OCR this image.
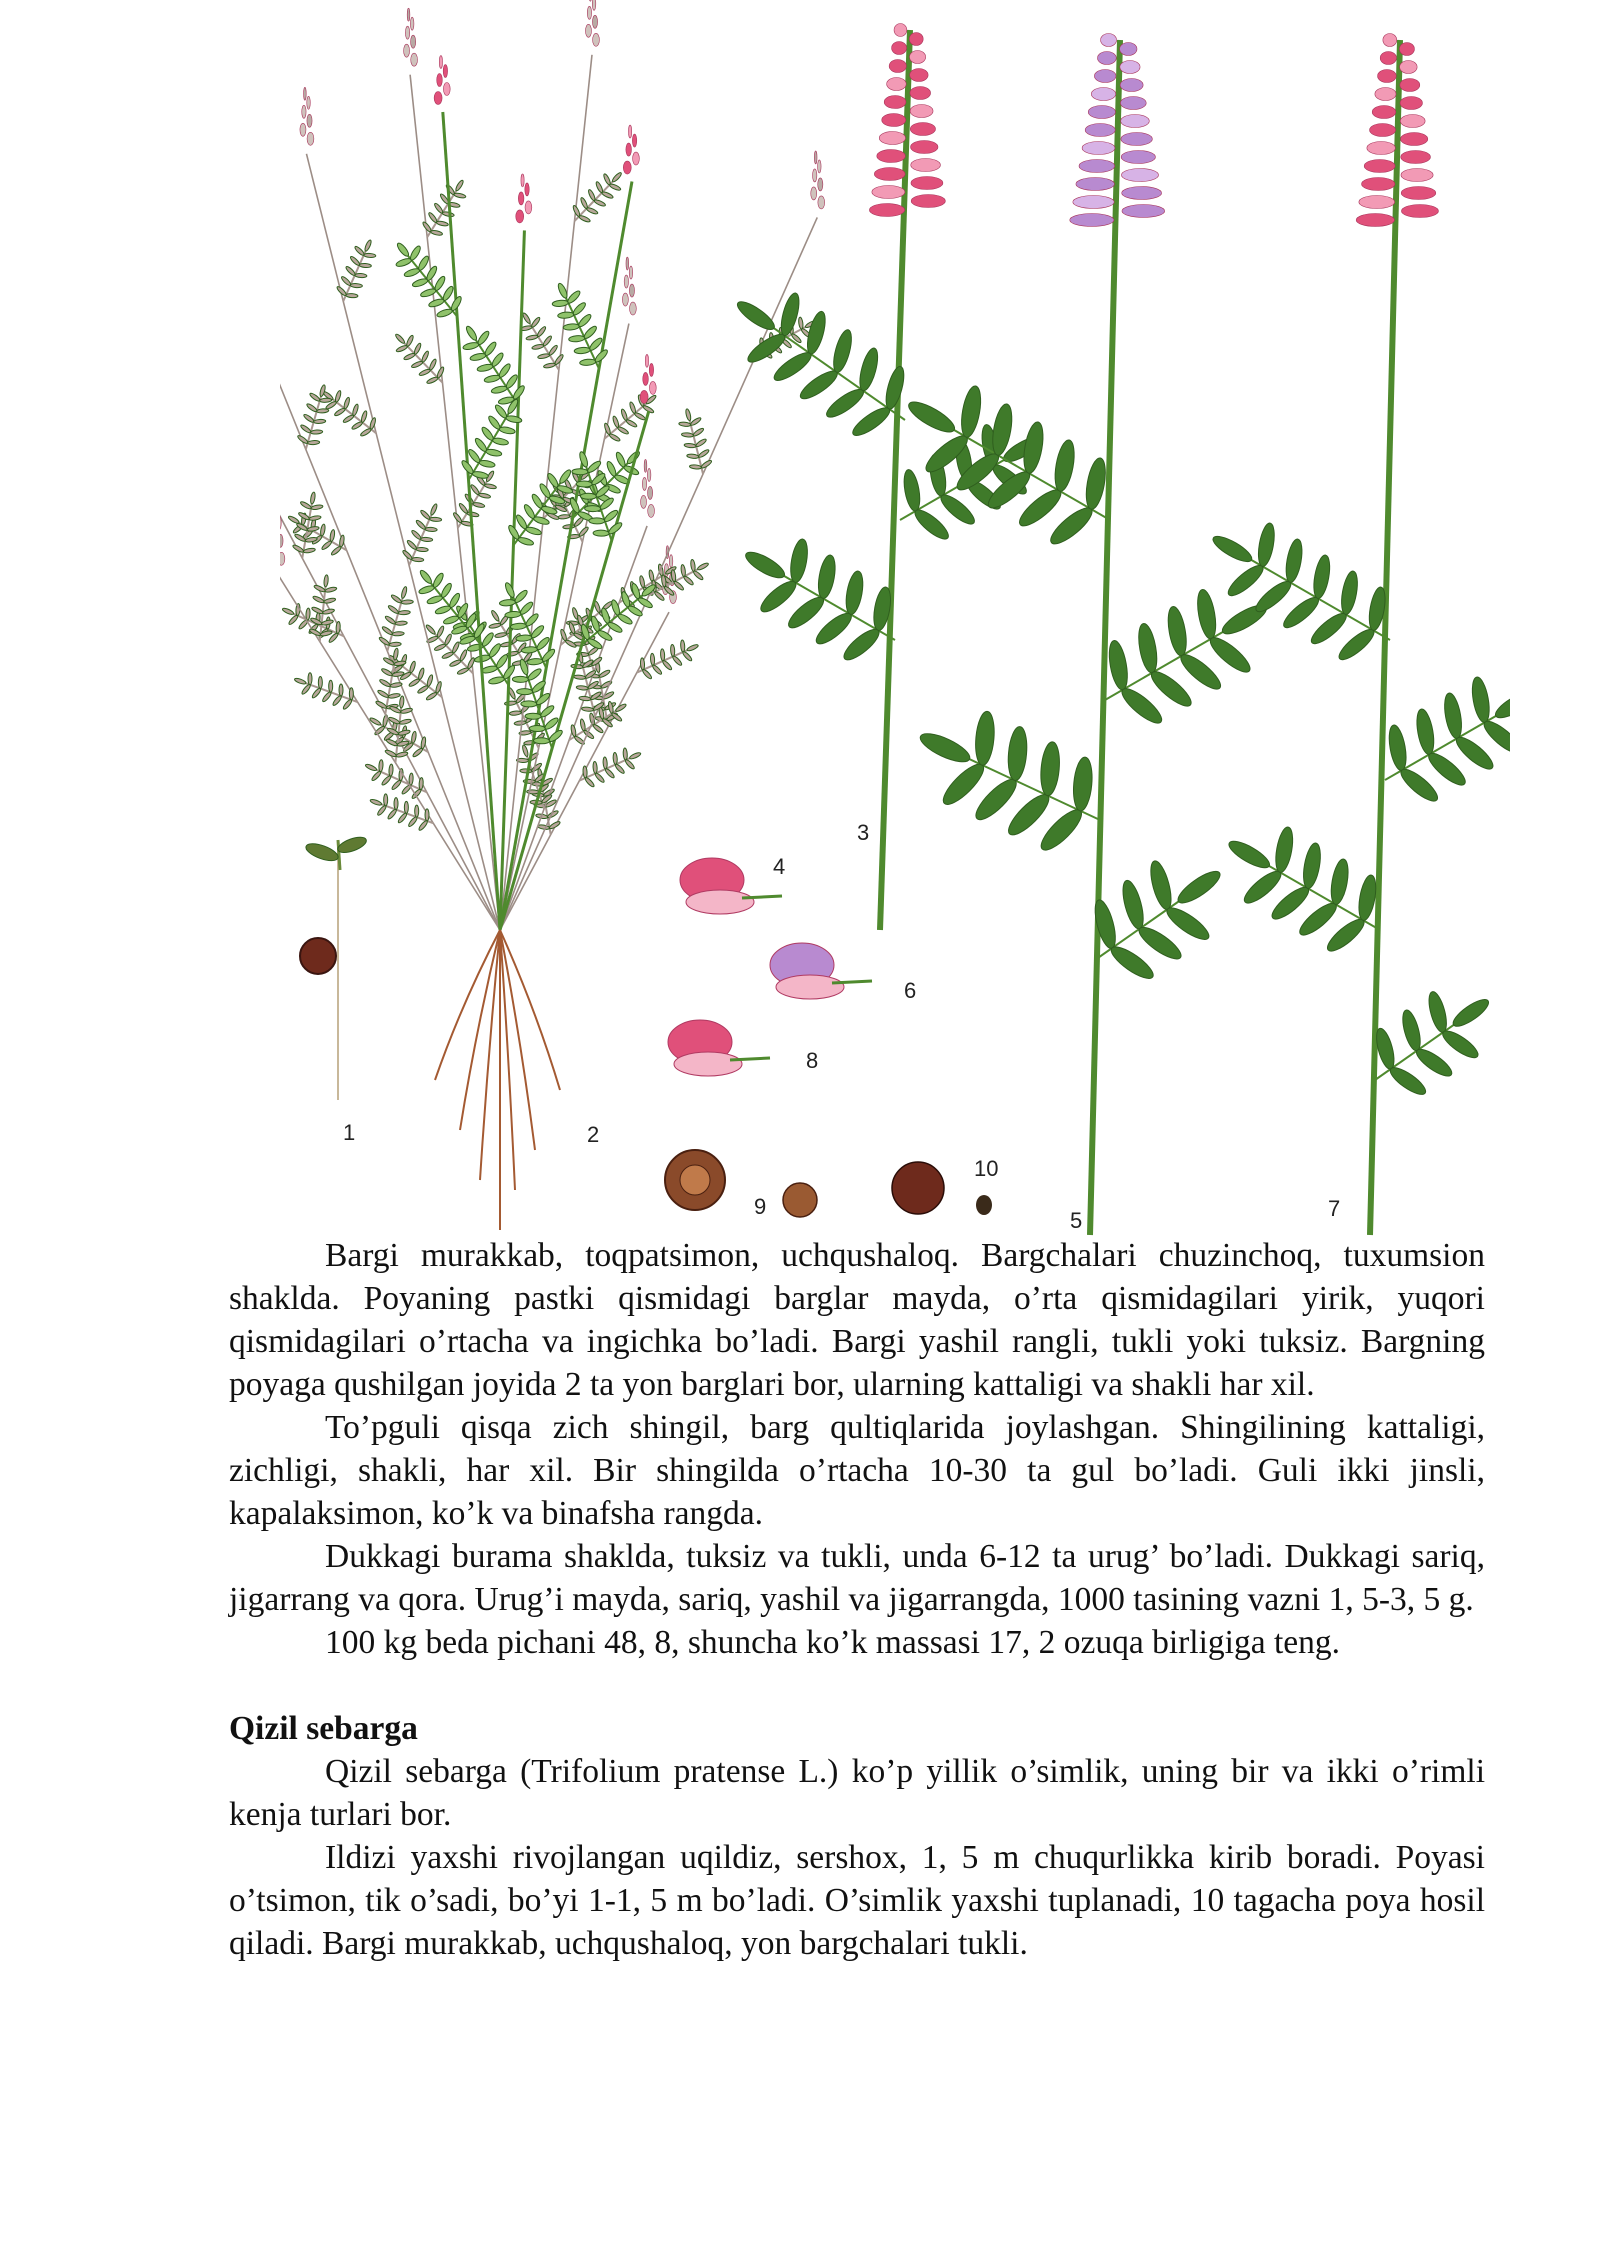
1	2
3
4
5
6
7
8
9
10

Bargi murakkab, toqpatsimon, uchqushaloq. Bargchalari chuzinchoq, tuxumsion shaklda. Poyaning pastki qismidagi barglar mayda, o’rta qismidagilari yirik, yuqori qismidagilari o’rtacha va ingichka bo’ladi. Bargi yashil rangli, tukli yoki tuksiz. Bargning poyaga qushilgan joyida 2 ta yon barglari bor, ularning kattaligi va shakli har xil.

To’pguli qisqa zich shingil, barg qultiqlarida joylashgan. Shingilining kattaligi, zichligi, shakli, har xil. Bir shingilda o’rtacha 10-30 ta gul bo’ladi. Guli ikki jinsli, kapalaksimon, ko’k va binafsha rangda.

Dukkagi burama shaklda, tuksiz va tukli, unda 6-12 ta urug’ bo’ladi. Dukkagi sariq, jigarrang va qora. Urug’i mayda, sariq, yashil va jigarrangda, 1000 tasining vazni 1, 5-3, 5 g.

100 kg beda pichani 48, 8, shuncha ko’k massasi 17, 2 ozuqa birligiga teng.

Qizil sebarga

Qizil sebarga (Trifolium pratense L.) ko’p yillik o’simlik, uning bir va ikki o’rimli kenja turlari bor.

Ildizi yaxshi rivojlangan uqildiz, sershox, 1, 5 m chuqurlikka kirib boradi. Poyasi o’tsimon, tik o’sadi, bo’yi 1-1, 5 m bo’ladi. O’simlik yaxshi tuplanadi, 10 tagacha poya hosil qiladi. Bargi murakkab, uchqushaloq, yon bargchalari tukli.
